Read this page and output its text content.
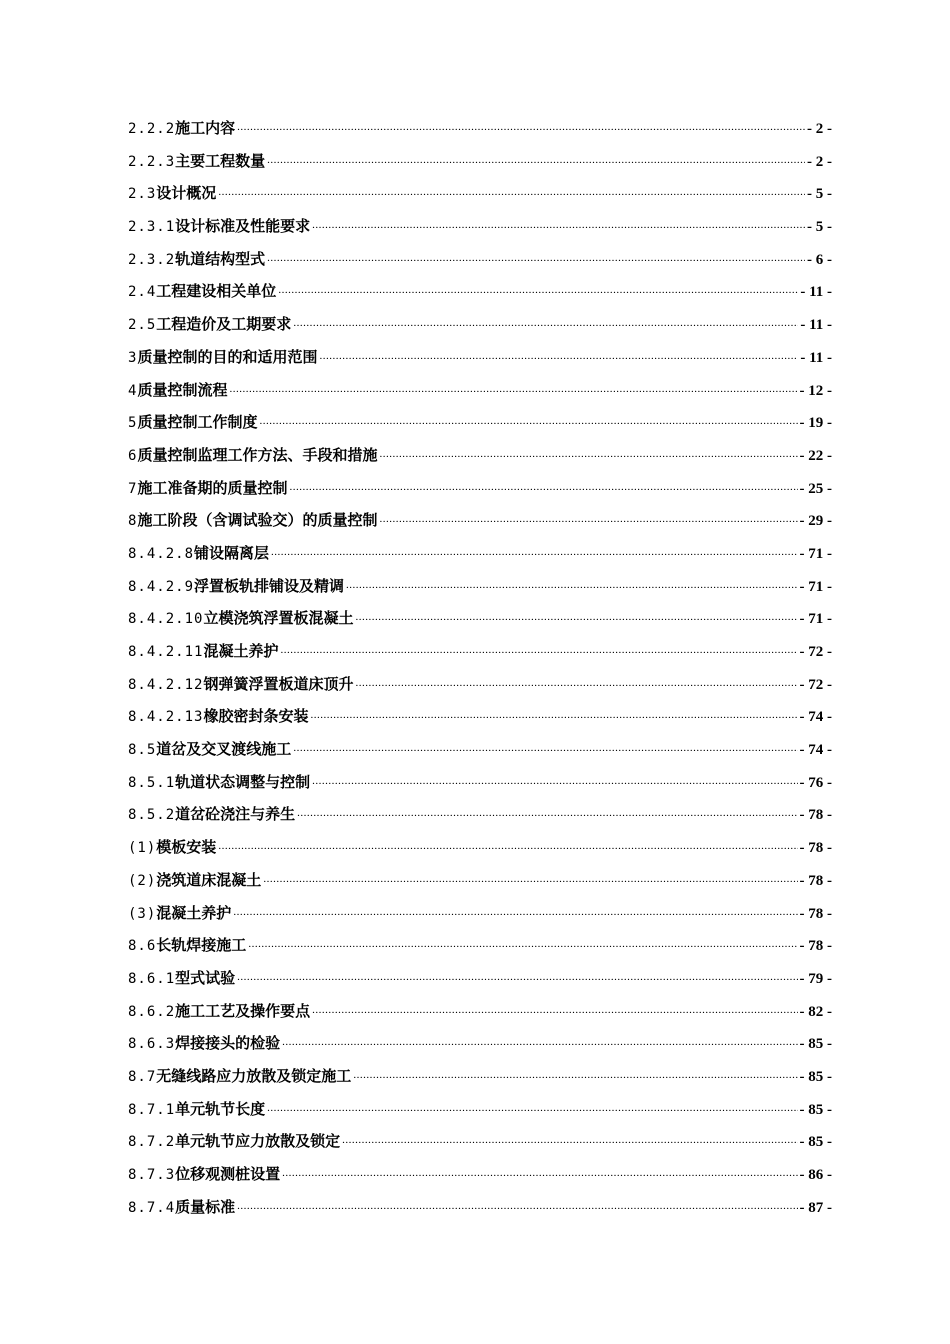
2.2.2 施工内容 .....	- 2 -
2.2.3 主要工程数量 .....	- 2 -
2.3 设计概况 .....	- 5 -
2.3.1 设计标准及性能要求 .....	- 5 -
2.3.2 轨道结构型式 .....	- 6 -
2.4 工程建设相关单位 .....	- 11 -
2.5 工程造价及工期要求 .....	- 11 -
3 质量控制的目的和适用范围 .....	- 11 -
4 质量控制流程 .....	- 12 -
5 质量控制工作制度 .....	- 19 -
6 质量控制监理工作方法、手段和措施 .....	- 22 -
7 施工准备期的质量控制 .....	- 25 -
8 施工阶段（含调试验交）的质量控制 .....	- 29 -
8.4.2.8 铺设隔离层 .....	- 71 -
8.4.2.9 浮置板轨排铺设及精调 .....	- 71 -
8.4.2.10 立模浇筑浮置板混凝土 .....	- 71 -
8.4.2.11 混凝土养护 .....	- 72 -
8.4.2.12 钢弹簧浮置板道床顶升 .....	- 72 -
8.4.2.13 橡胶密封条安装 .....	- 74 -
8.5 道岔及交叉渡线施工 .....	- 74 -
8.5.1 轨道状态调整与控制 .....	- 76 -
8.5.2 道岔砼浇注与养生 .....	- 78 -
(1) 模板安装 .....	- 78 -
(2) 浇筑道床混凝土 .....	- 78 -
(3) 混凝土养护 .....	- 78 -
8.6 长轨焊接施工 .....	- 78 -
8.6.1 型式试验 .....	- 79 -
8.6.2 施工工艺及操作要点 .....	- 82 -
8.6.3 焊接接头的检验 .....	- 85 -
8.7 无缝线路应力放散及锁定施工 .....	- 85 -
8.7.1 单元轨节长度 .....	- 85 -
8.7.2 单元轨节应力放散及锁定 .....	- 85 -
8.7.3 位移观测桩设置 .....	- 86 -
8.7.4 质量标准 .....	- 87 -
